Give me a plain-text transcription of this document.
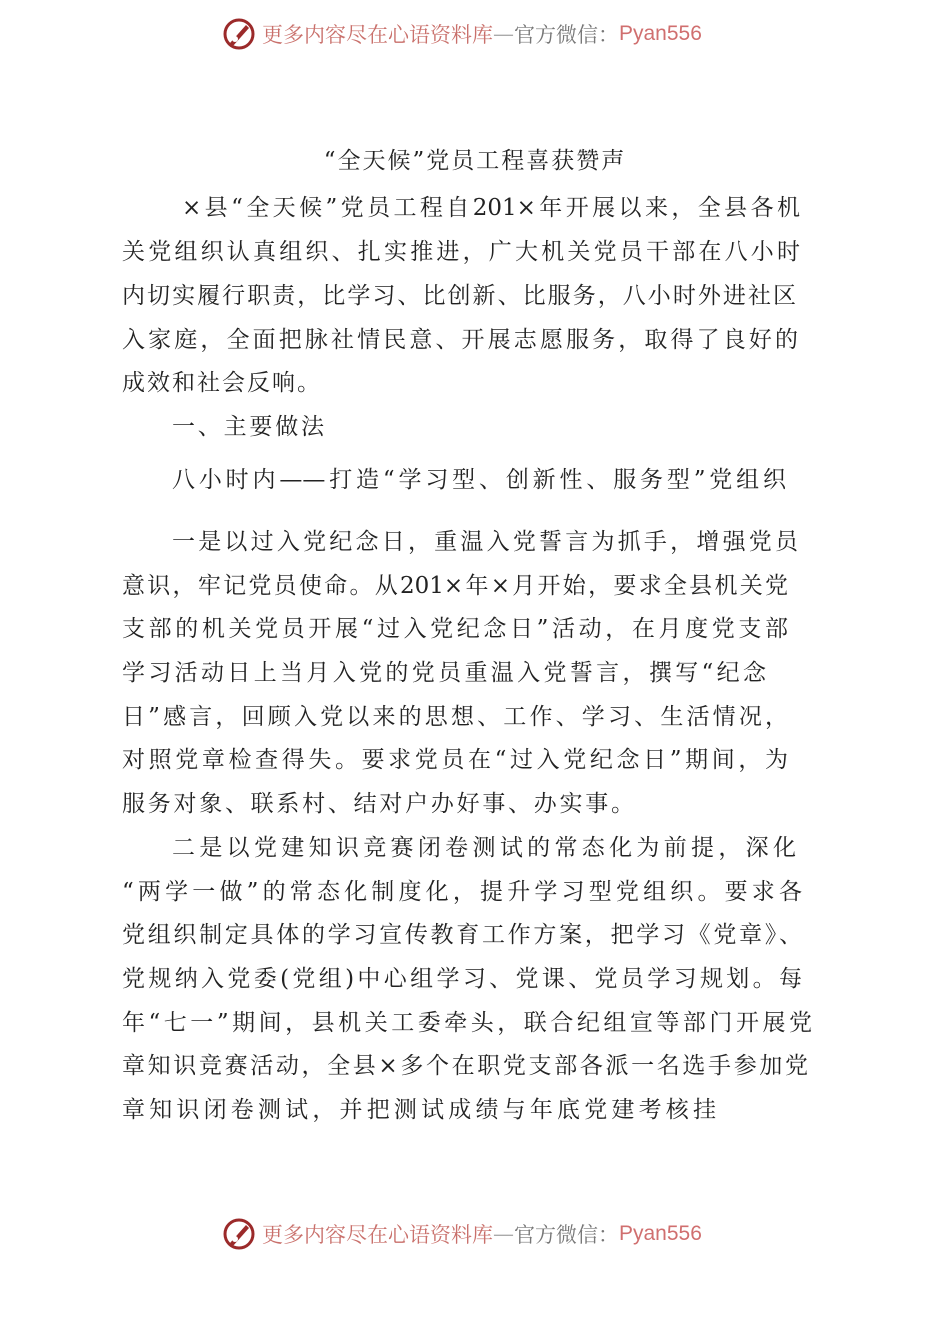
更多内容尽在心语资料库 — 官方微信： Pyan556
“全天候”党员工程喜获赞声
×县“全天候”党员工程自201×年开展以来，全县各机
关党组织认真组织、扎实推进，广大机关党员干部在八小时
内切实履行职责，比学习、比创新、比服务，八小时外进社区
入家庭，全面把脉社情民意、开展志愿服务，取得了良好的
成效和社会反响。
一、主要做法
八小时内——打造“学习型、创新性、服务型”党组织
一是以过入党纪念日，重温入党誓言为抓手，增强党员
意识，牢记党员使命。从201×年×月开始，要求全县机关党
支部的机关党员开展“过入党纪念日”活动，在月度党支部
学习活动日上当月入党的党员重温入党誓言，撰写“纪念
日”感言，回顾入党以来的思想、工作、学习、生活情况，
对照党章检查得失。要求党员在“过入党纪念日”期间，为
服务对象、联系村、结对户办好事、办实事。
二是以党建知识竞赛闭卷测试的常态化为前提，深化
“两学一做”的常态化制度化，提升学习型党组织。要求各
党组织制定具体的学习宣传教育工作方案，把学习《党章》、
党规纳入党委(党组)中心组学习、党课、党员学习规划。每
年“七一”期间，县机关工委牵头，联合纪组宣等部门开展党
章知识竞赛活动，全县×多个在职党支部各派一名选手参加党
章知识闭卷测试，并把测试成绩与年底党建考核挂
更多内容尽在心语资料库 — 官方微信： Pyan556
